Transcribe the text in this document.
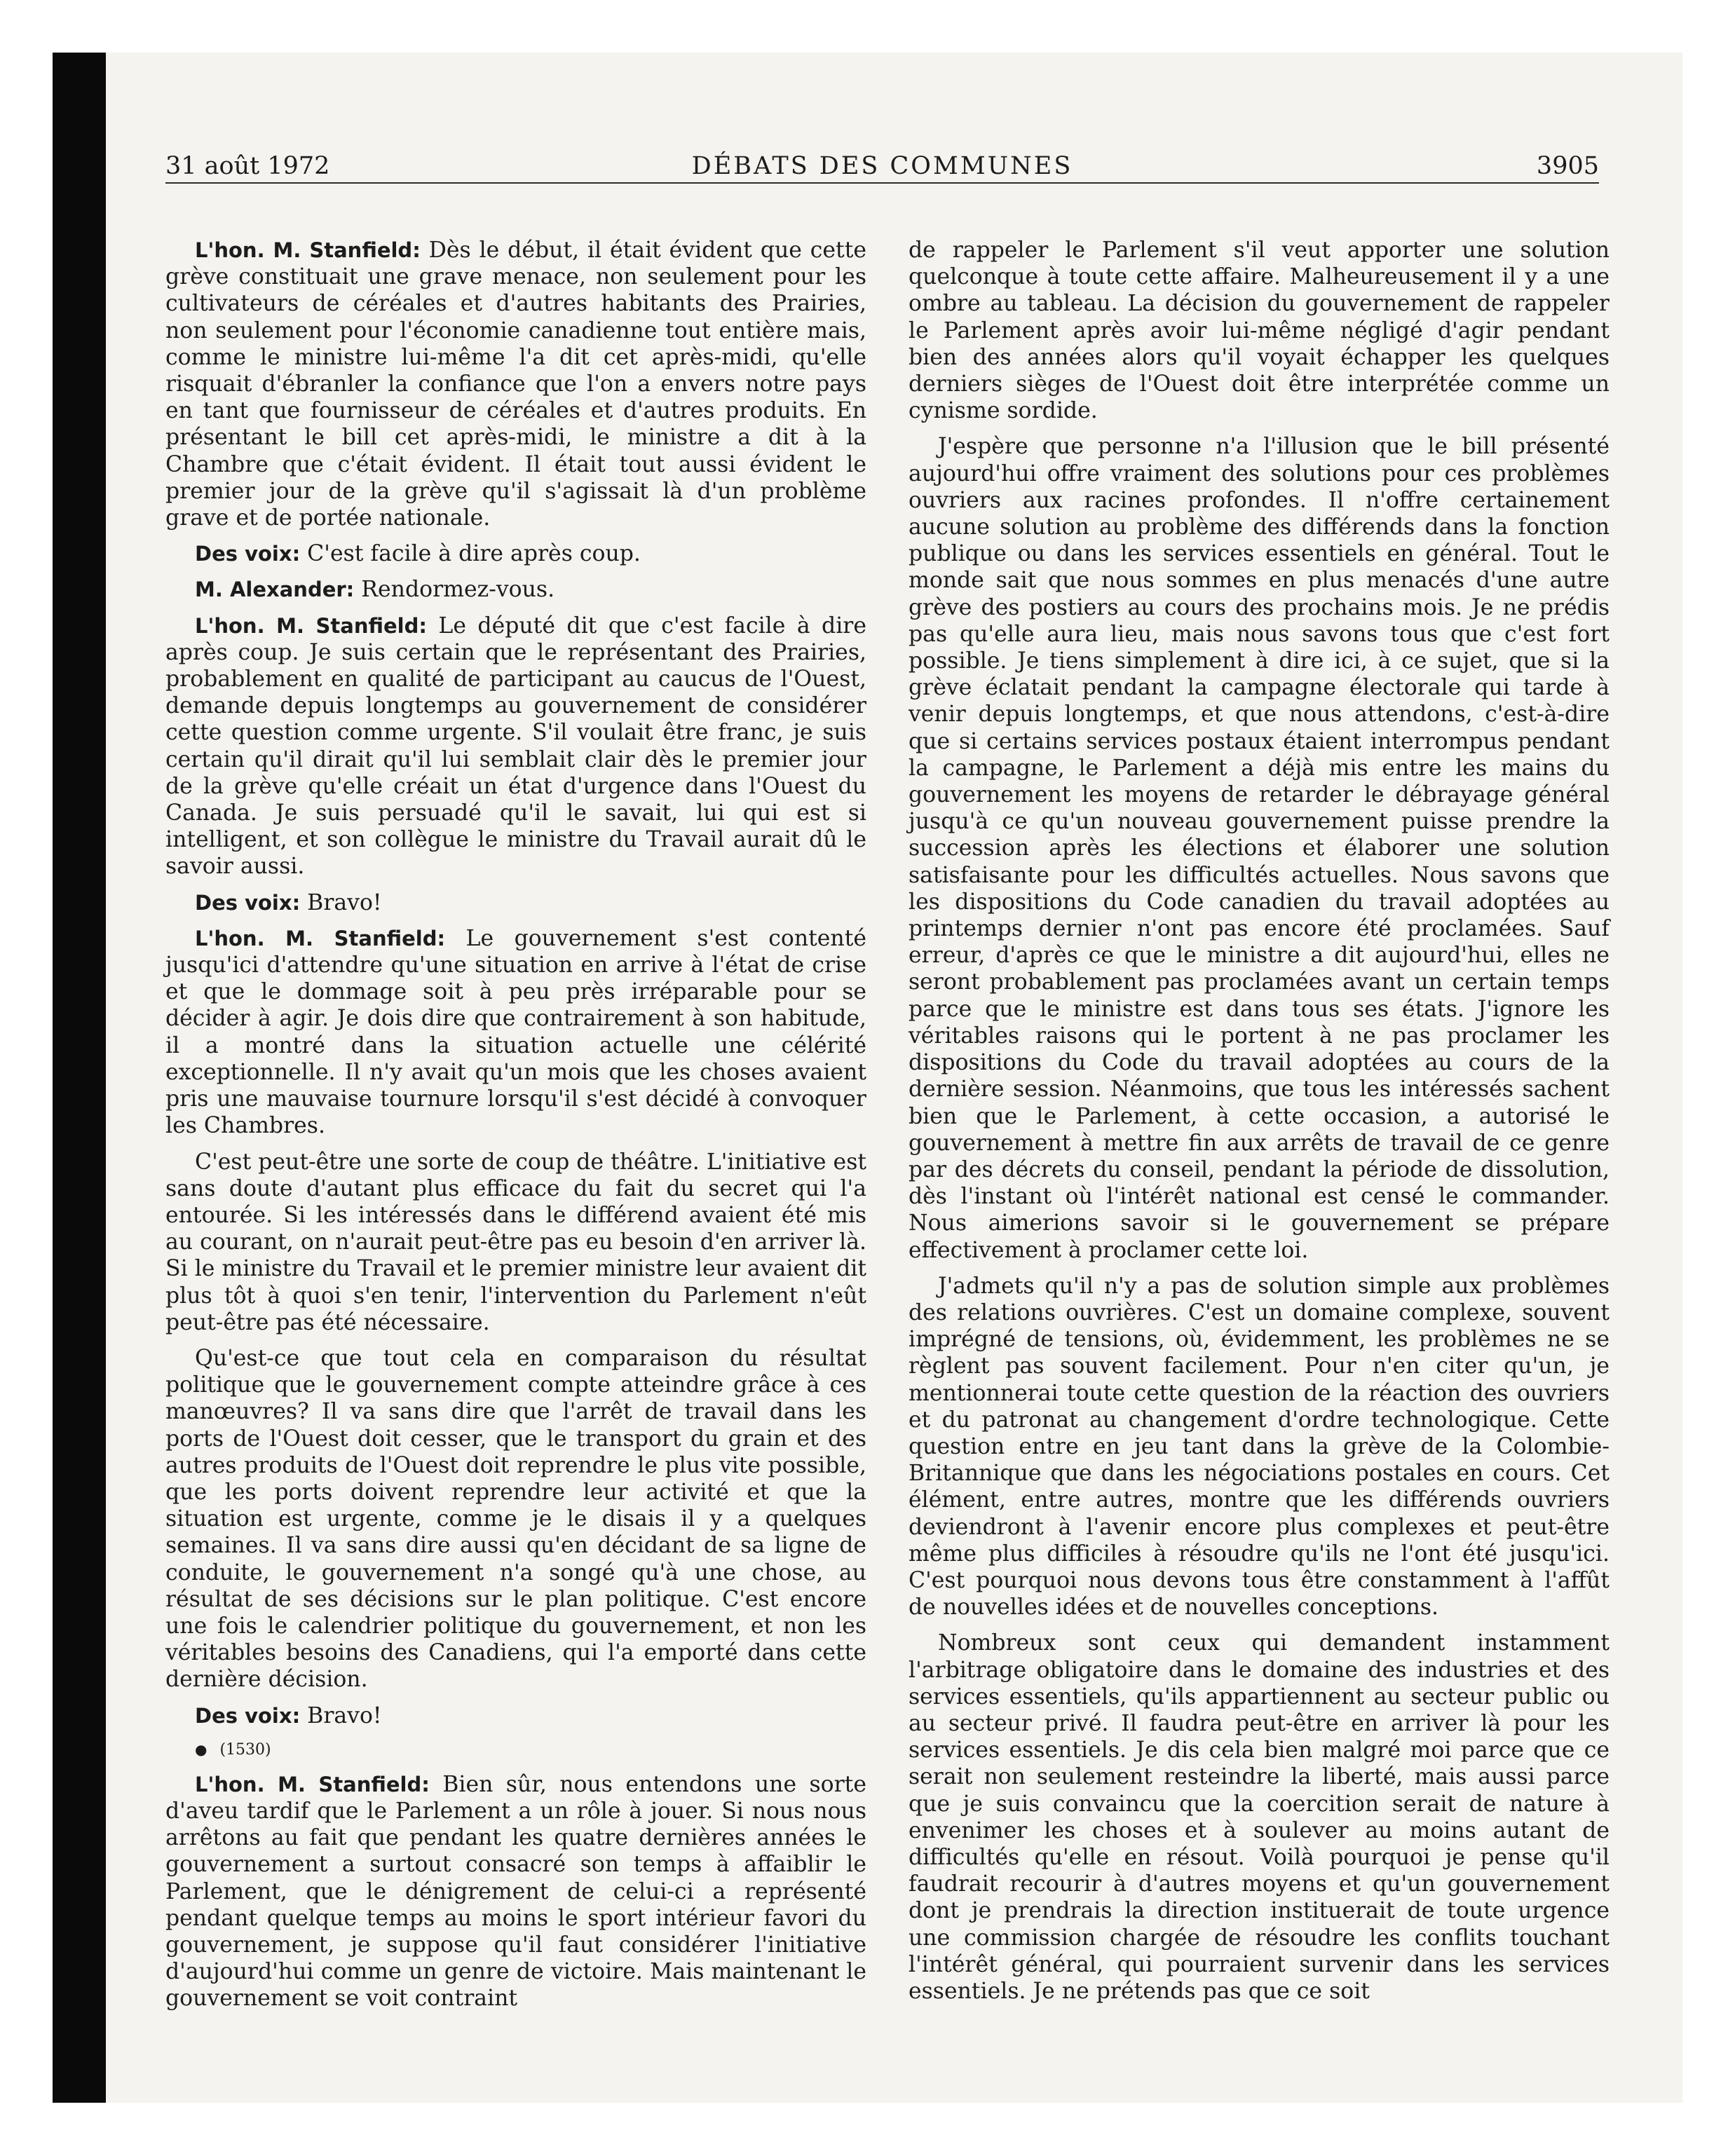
31 août 1972	DÉBATS DES COMMUNES	3905

L'hon. M. Stanfield: Dès le début, il était évident que cette grève constituait une grave menace, non seulement pour les cultivateurs de céréales et d'autres habitants des Prairies, non seulement pour l'économie canadienne tout entière mais, comme le ministre lui-même l'a dit cet après-midi, qu'elle risquait d'ébranler la confiance que l'on a envers notre pays en tant que fournisseur de céréales et d'autres produits. En présentant le bill cet après-midi, le ministre a dit à la Chambre que c'était évident. Il était tout aussi évident le premier jour de la grève qu'il s'agissait là d'un problème grave et de portée nationale.

Des voix: C'est facile à dire après coup.

M. Alexander: Rendormez-vous.

L'hon. M. Stanfield: Le député dit que c'est facile à dire après coup. Je suis certain que le représentant des Prairies, probablement en qualité de participant au caucus de l'Ouest, demande depuis longtemps au gouvernement de considérer cette question comme urgente. S'il voulait être franc, je suis certain qu'il dirait qu'il lui semblait clair dès le premier jour de la grève qu'elle créait un état d'urgence dans l'Ouest du Canada. Je suis persuadé qu'il le savait, lui qui est si intelligent, et son collègue le ministre du Travail aurait dû le savoir aussi.

Des voix: Bravo!

L'hon. M. Stanfield: Le gouvernement s'est contenté jusqu'ici d'attendre qu'une situation en arrive à l'état de crise et que le dommage soit à peu près irréparable pour se décider à agir. Je dois dire que contrairement à son habitude, il a montré dans la situation actuelle une célérité exceptionnelle. Il n'y avait qu'un mois que les choses avaient pris une mauvaise tournure lorsqu'il s'est décidé à convoquer les Chambres.

C'est peut-être une sorte de coup de théâtre. L'initiative est sans doute d'autant plus efficace du fait du secret qui l'a entourée. Si les intéressés dans le différend avaient été mis au courant, on n'aurait peut-être pas eu besoin d'en arriver là. Si le ministre du Travail et le premier ministre leur avaient dit plus tôt à quoi s'en tenir, l'intervention du Parlement n'eût peut-être pas été nécessaire.

Qu'est-ce que tout cela en comparaison du résultat politique que le gouvernement compte atteindre grâce à ces manœuvres? Il va sans dire que l'arrêt de travail dans les ports de l'Ouest doit cesser, que le transport du grain et des autres produits de l'Ouest doit reprendre le plus vite possible, que les ports doivent reprendre leur activité et que la situation est urgente, comme je le disais il y a quelques semaines. Il va sans dire aussi qu'en décidant de sa ligne de conduite, le gouvernement n'a songé qu'à une chose, au résultat de ses décisions sur le plan politique. C'est encore une fois le calendrier politique du gouvernement, et non les véritables besoins des Canadiens, qui l'a emporté dans cette dernière décision.

Des voix: Bravo!

● (1530)

L'hon. M. Stanfield: Bien sûr, nous entendons une sorte d'aveu tardif que le Parlement a un rôle à jouer. Si nous nous arrêtons au fait que pendant les quatre dernières années le gouvernement a surtout consacré son temps à affaiblir le Parlement, que le dénigrement de celui-ci a représenté pendant quelque temps au moins le sport intérieur favori du gouvernement, je suppose qu'il faut considérer l'initiative d'aujourd'hui comme un genre de victoire. Mais maintenant le gouvernement se voit contraint

de rappeler le Parlement s'il veut apporter une solution quelconque à toute cette affaire. Malheureusement il y a une ombre au tableau. La décision du gouvernement de rappeler le Parlement après avoir lui-même négligé d'agir pendant bien des années alors qu'il voyait échapper les quelques derniers sièges de l'Ouest doit être interprétée comme un cynisme sordide.

J'espère que personne n'a l'illusion que le bill présenté aujourd'hui offre vraiment des solutions pour ces problèmes ouvriers aux racines profondes. Il n'offre certainement aucune solution au problème des différends dans la fonction publique ou dans les services essentiels en général. Tout le monde sait que nous sommes en plus menacés d'une autre grève des postiers au cours des prochains mois. Je ne prédis pas qu'elle aura lieu, mais nous savons tous que c'est fort possible. Je tiens simplement à dire ici, à ce sujet, que si la grève éclatait pendant la campagne électorale qui tarde à venir depuis longtemps, et que nous attendons, c'est-à-dire que si certains services postaux étaient interrompus pendant la campagne, le Parlement a déjà mis entre les mains du gouvernement les moyens de retarder le débrayage général jusqu'à ce qu'un nouveau gouvernement puisse prendre la succession après les élections et élaborer une solution satisfaisante pour les difficultés actuelles. Nous savons que les dispositions du Code canadien du travail adoptées au printemps dernier n'ont pas encore été proclamées. Sauf erreur, d'après ce que le ministre a dit aujourd'hui, elles ne seront probablement pas proclamées avant un certain temps parce que le ministre est dans tous ses états. J'ignore les véritables raisons qui le portent à ne pas proclamer les dispositions du Code du travail adoptées au cours de la dernière session. Néanmoins, que tous les intéressés sachent bien que le Parlement, à cette occasion, a autorisé le gouvernement à mettre fin aux arrêts de travail de ce genre par des décrets du conseil, pendant la période de dissolution, dès l'instant où l'intérêt national est censé le commander. Nous aimerions savoir si le gouvernement se prépare effectivement à proclamer cette loi.

J'admets qu'il n'y a pas de solution simple aux problèmes des relations ouvrières. C'est un domaine complexe, souvent imprégné de tensions, où, évidemment, les problèmes ne se règlent pas souvent facilement. Pour n'en citer qu'un, je mentionnerai toute cette question de la réaction des ouvriers et du patronat au changement d'ordre technologique. Cette question entre en jeu tant dans la grève de la Colombie-Britannique que dans les négociations postales en cours. Cet élément, entre autres, montre que les différends ouvriers deviendront à l'avenir encore plus complexes et peut-être même plus difficiles à résoudre qu'ils ne l'ont été jusqu'ici. C'est pourquoi nous devons tous être constamment à l'affût de nouvelles idées et de nouvelles conceptions.

Nombreux sont ceux qui demandent instamment l'arbitrage obligatoire dans le domaine des industries et des services essentiels, qu'ils appartiennent au secteur public ou au secteur privé. Il faudra peut-être en arriver là pour les services essentiels. Je dis cela bien malgré moi parce que ce serait non seulement resteindre la liberté, mais aussi parce que je suis convaincu que la coercition serait de nature à envenimer les choses et à soulever au moins autant de difficultés qu'elle en résout. Voilà pourquoi je pense qu'il faudrait recourir à d'autres moyens et qu'un gouvernement dont je prendrais la direction instituerait de toute urgence une commission chargée de résoudre les conflits touchant l'intérêt général, qui pourraient survenir dans les services essentiels. Je ne prétends pas que ce soit
